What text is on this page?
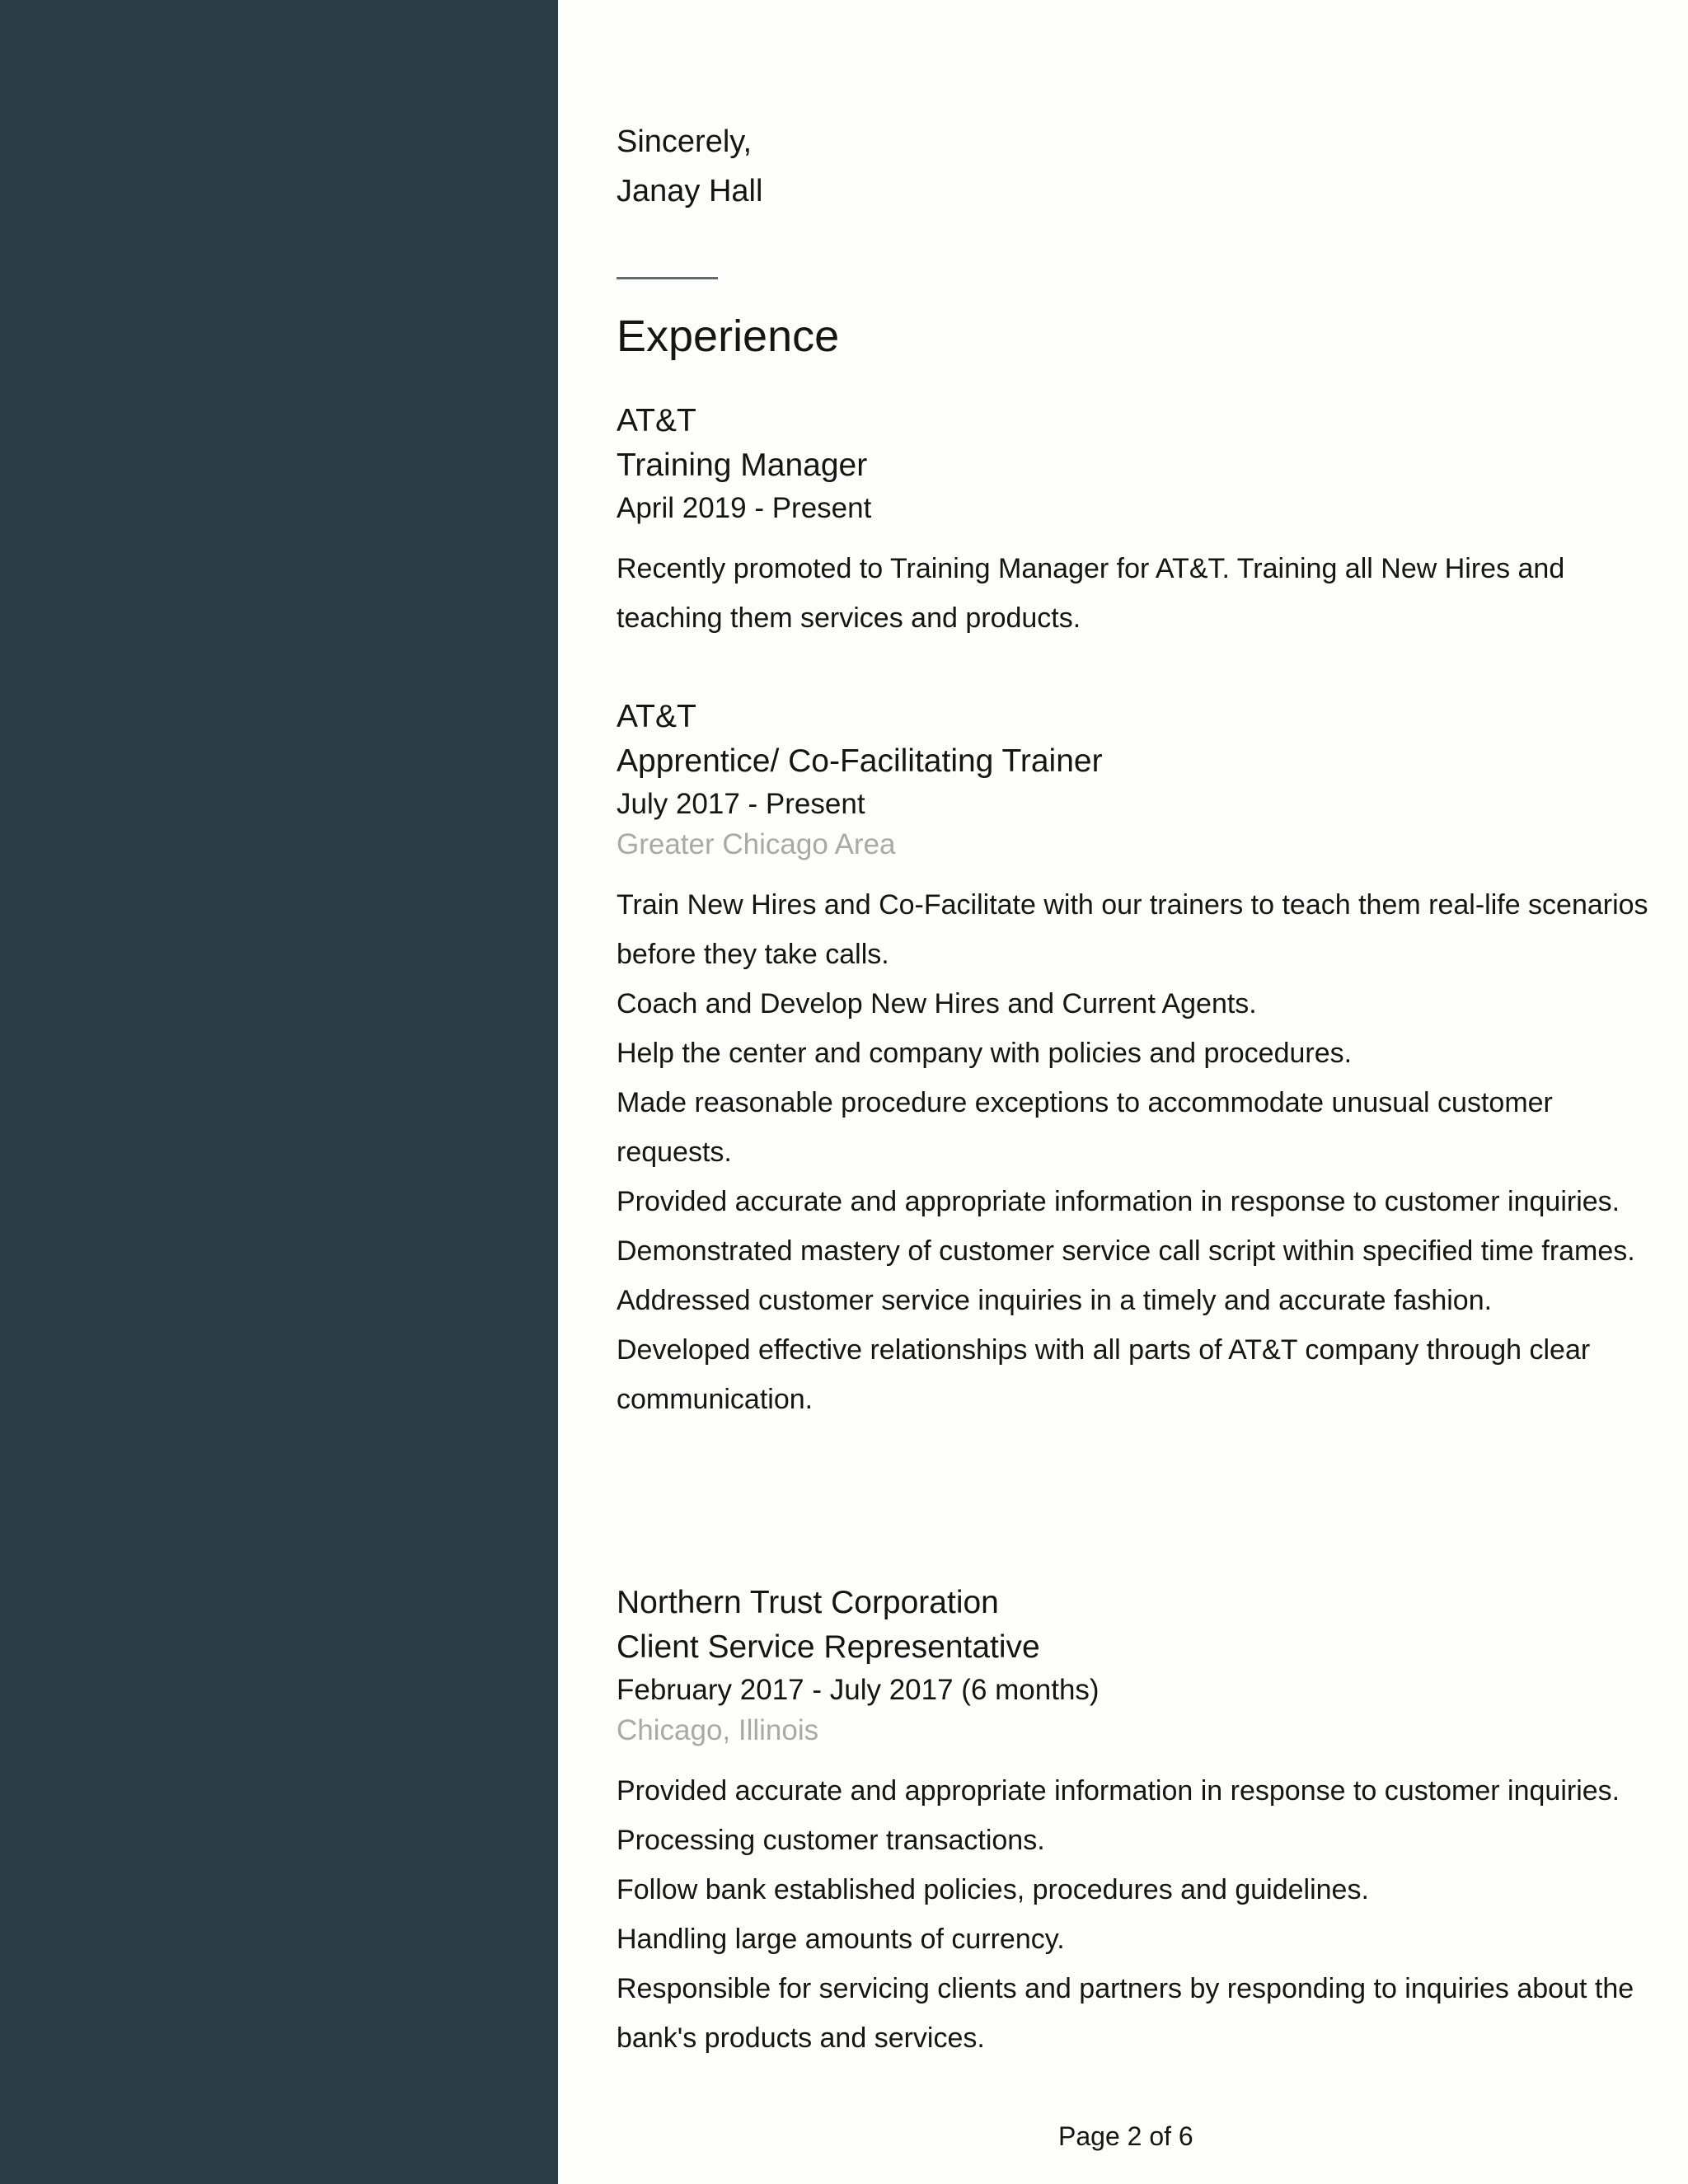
Sincerely,
Janay Hall
Experience
AT&T
Training Manager
April 2019 - Present
Recently promoted to Training Manager for AT&T. Training all New Hires and teaching them services and products.
AT&T
Apprentice/ Co-Facilitating Trainer
July 2017 - Present
Greater Chicago Area
Train New Hires and Co-Facilitate with our trainers to teach them real-life scenarios before they take calls.
Coach and Develop New Hires and Current Agents.
Help the center and company with policies and procedures.
Made reasonable procedure exceptions to accommodate unusual customer requests.
Provided accurate and appropriate information in response to customer inquiries.
Demonstrated mastery of customer service call script within specified time frames.
Addressed customer service inquiries in a timely and accurate fashion.
Developed effective relationships with all parts of AT&T company through clear communication.
Northern Trust Corporation
Client Service Representative
February 2017 - July 2017 (6 months)
Chicago, Illinois
Provided accurate and appropriate information in response to customer inquiries.
Processing customer transactions.
Follow bank established policies, procedures and guidelines.
Handling large amounts of currency.
Responsible for servicing clients and partners by responding to inquiries about the bank's products and services.
Page 2 of 6
